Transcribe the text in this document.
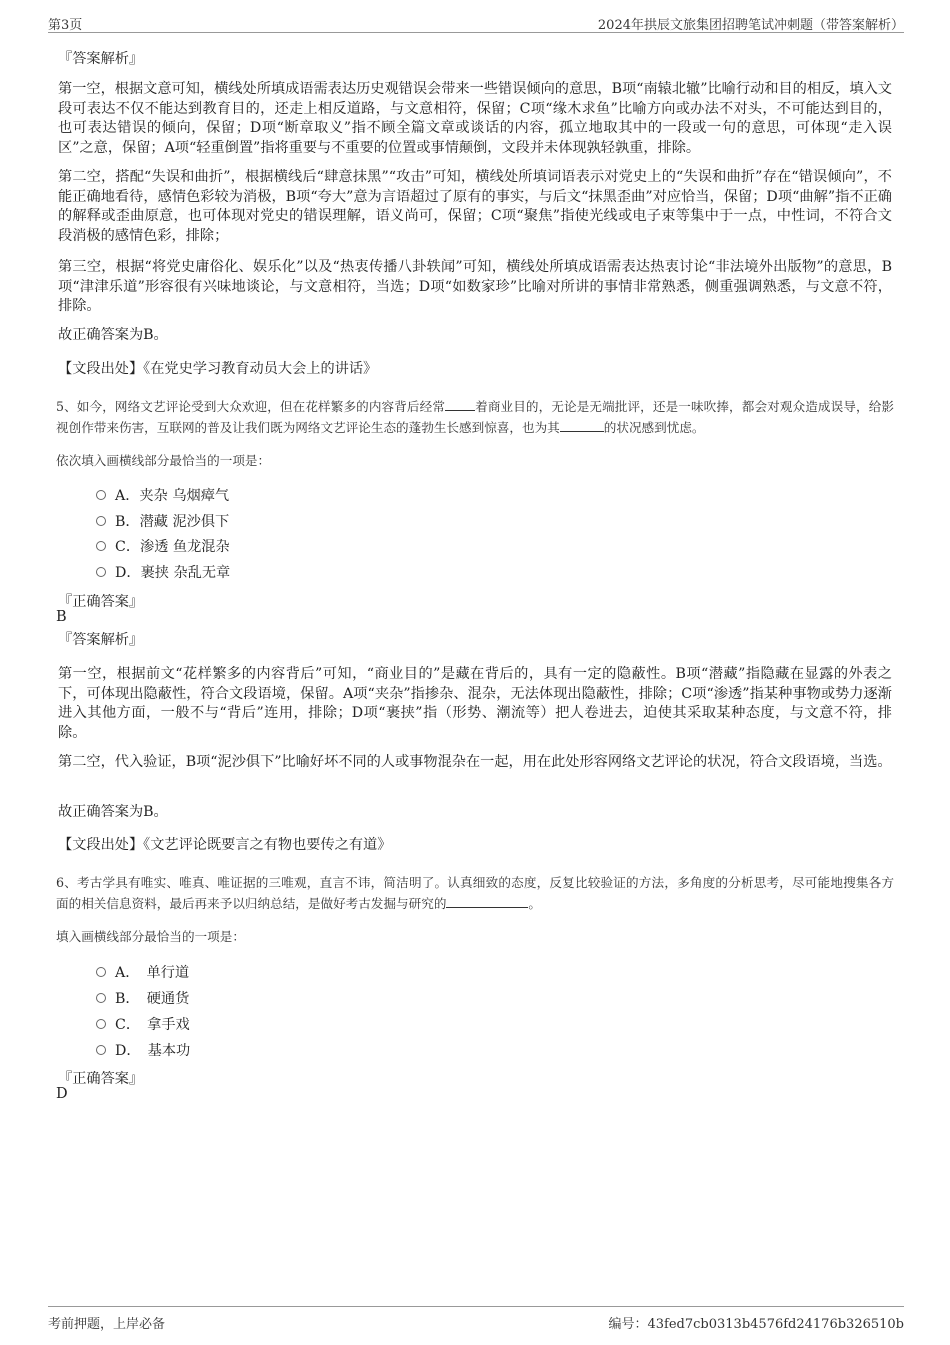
第3页	2024年拱辰文旅集团招聘笔试冲刺题（带答案解析）
『答案解析』
第一空，根据文意可知，横线处所填成语需表达历史观错误会带来一些错误倾向的意思，B项“南辕北辙”比喻行动和目的相反，填入文段可表达不仅不能达到教育目的，还走上相反道路，与文意相符，保留；C项“缘木求鱼”比喻方向或办法不对头，不可能达到目的，也可表达错误的倾向，保留；D项“断章取义”指不顾全篇文章或谈话的内容，孤立地取其中的一段或一句的意思，可体现“走入误区”之意，保留；A项“轻重倒置”指将重要与不重要的位置或事情颠倒，文段并未体现孰轻孰重，排除。
第二空，搭配“失误和曲折”，根据横线后“肆意抹黑”“攻击”可知，横线处所填词语表示对党史上的“失误和曲折”存在“错误倾向”，不能正确地看待，感情色彩较为消极，B项“夸大”意为言语超过了原有的事实，与后文“抹黑歪曲”对应恰当，保留；D项“曲解”指不正确的解释或歪曲原意，也可体现对党史的错误理解，语义尚可，保留；C项“聚焦”指使光线或电子束等集中于一点，中性词，不符合文段消极的感情色彩，排除；
第三空，根据“将党史庸俗化、娱乐化”以及“热衷传播八卦轶闻”可知，横线处所填成语需表达热衷讨论“非法境外出版物”的意思，B项“津津乐道”形容很有兴味地谈论，与文意相符，当选；D项“如数家珍”比喻对所讲的事情非常熟悉，侧重强调熟悉，与文意不符，排除。
故正确答案为B。
【文段出处】《在党史学习教育动员大会上的讲话》
5、如今，网络文艺评论受到大众欢迎，但在花样繁多的内容背后经常 着商业目的，无论是无端批评，还是一味吹捧，都会对观众造成误导，给影视创作带来伤害，互联网的普及让我们既为网络文艺评论生态的蓬勃生长感到惊喜，也为其	的状况感到忧虑。
依次填入画横线部分最恰当的一项是：
A．夹杂 乌烟瘴气
B．潜藏 泥沙俱下
C．渗透 鱼龙混杂
D．裹挟 杂乱无章
『正确答案』
B
『答案解析』
第一空，根据前文“花样繁多的内容背后”可知，“商业目的”是藏在背后的，具有一定的隐蔽性。B项“潜藏”指隐藏在显露的外表之下，可体现出隐蔽性，符合文段语境，保留。A项“夹杂”指掺杂、混杂，无法体现出隐蔽性，排除；C项“渗透”指某种事物或势力逐渐进入其他方面，一般不与“背后”连用，排除；D项“裹挟”指（形势、潮流等）把人卷进去，迫使其采取某种态度，与文意不符，排除。
第二空，代入验证，B项“泥沙俱下”比喻好坏不同的人或事物混杂在一起，用在此处形容网络文艺评论的状况，符合文段语境，当选。
故正确答案为B。
【文段出处】《文艺评论既要言之有物也要传之有道》
6、考古学具有唯实、唯真、唯证据的三唯观，直言不讳，简洁明了。认真细致的态度，反复比较验证的方法，多角度的分析思考，尽可能地搜集各方面的相关信息资料，最后再来予以归纳总结，是做好考古发掘与研究的	。
填入画横线部分最恰当的一项是：
A．　单行道
B．　硬通货
C．　拿手戏
D．　基本功
『正确答案』
D
考前押题，上岸必备	编号：43fed7cb0313b4576fd24176b326510b
